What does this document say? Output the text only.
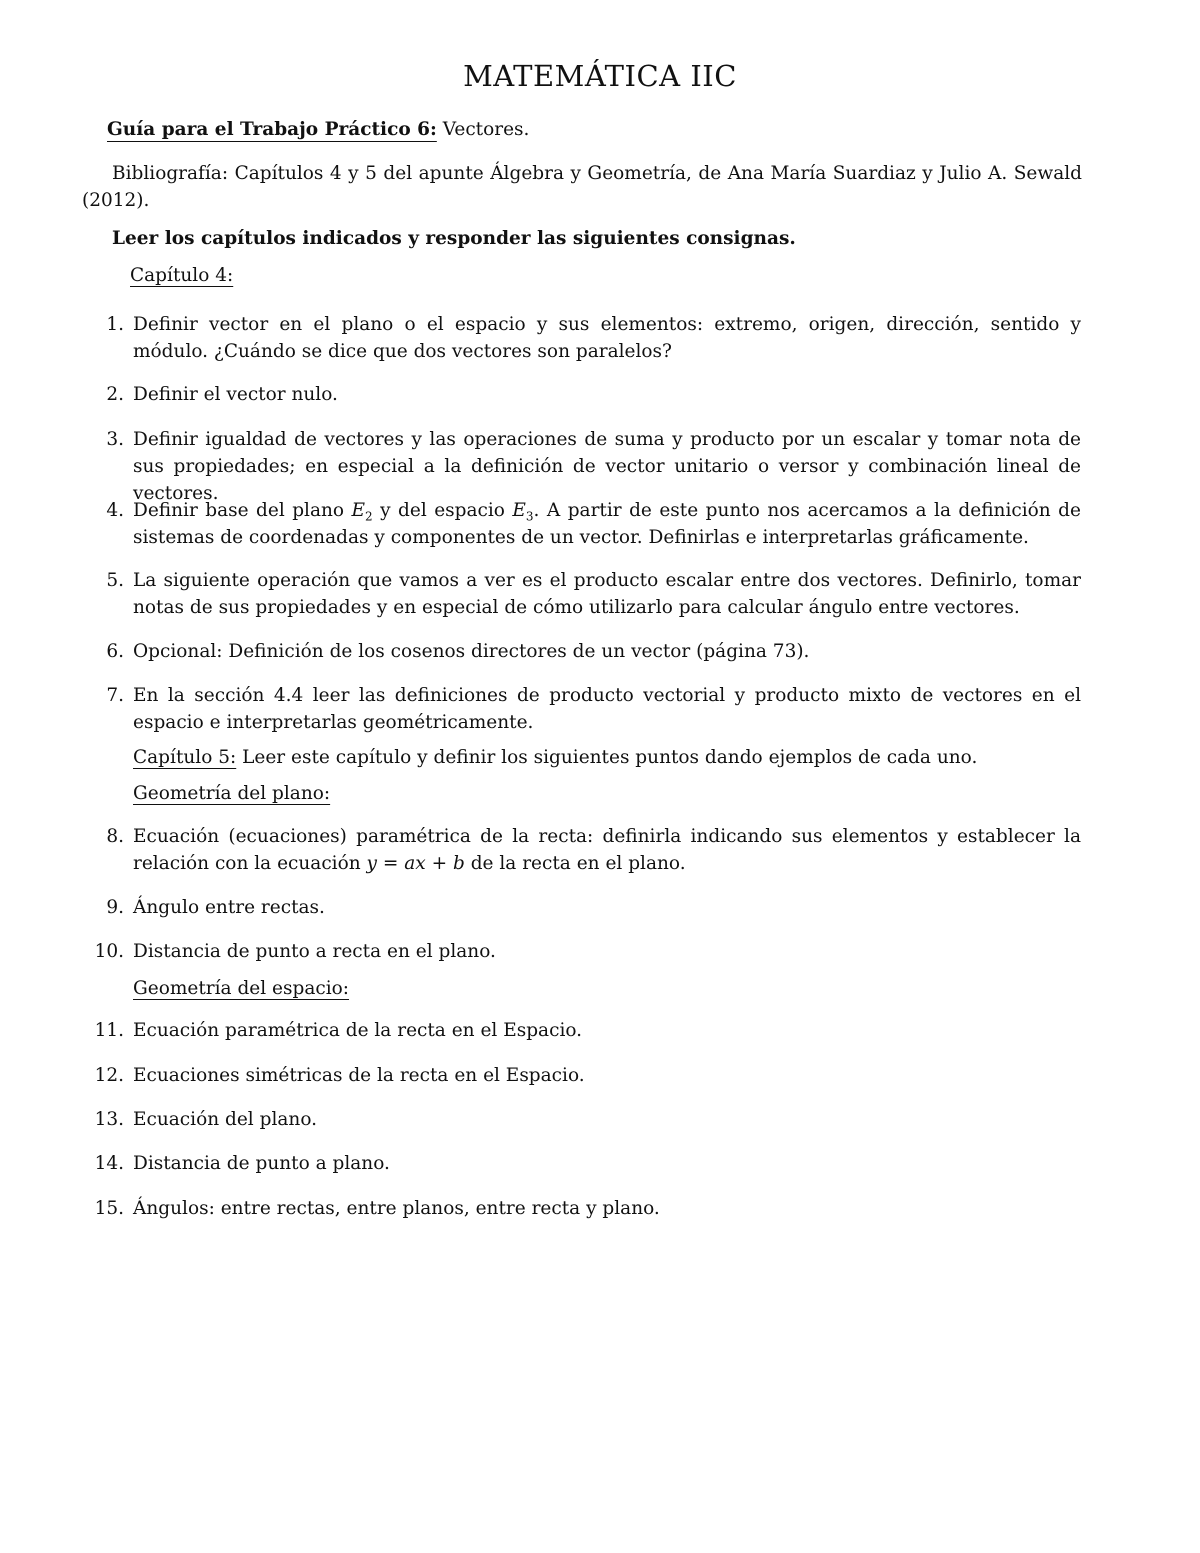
MATEMÁTICA IIC
Guía para el Trabajo Práctico 6: Vectores.
Bibliografía: Capítulos 4 y 5 del apunte Álgebra y Geometría, de Ana María Suardiaz y Julio A. Sewald (2012).
Leer los capítulos indicados y responder las siguientes consignas.
Capítulo 4:
1. Definir vector en el plano o el espacio y sus elementos: extremo, origen, dirección, sentido y módulo. ¿Cuándo se dice que dos vectores son paralelos?
2. Definir el vector nulo.
3. Definir igualdad de vectores y las operaciones de suma y producto por un escalar y tomar nota de sus propiedades; en especial a la definición de vector unitario o versor y combinación lineal de vectores.
4. Definir base del plano $E_2$ y del espacio $E_3$. A partir de este punto nos acercamos a la definición de sistemas de coordenadas y componentes de un vector. Definirlas e interpretarlas gráficamente.
5. La siguiente operación que vamos a ver es el producto escalar entre dos vectores. Definirlo, tomar notas de sus propiedades y en especial de cómo utilizarlo para calcular ángulo entre vectores.
6. Opcional: Definición de los cosenos directores de un vector (página 73).
7. En la sección 4.4 leer las definiciones de producto vectorial y producto mixto de vectores en el espacio e interpretarlas geométricamente.
Capítulo 5: Leer este capítulo y definir los siguientes puntos dando ejemplos de cada uno.
Geometría del plano:
8. Ecuación (ecuaciones) paramétrica de la recta: definirla indicando sus elementos y establecer la relación con la ecuación y = ax + b de la recta en el plano.
9. Ángulo entre rectas.
10. Distancia de punto a recta en el plano.
Geometría del espacio:
11. Ecuación paramétrica de la recta en el Espacio.
12. Ecuaciones simétricas de la recta en el Espacio.
13. Ecuación del plano.
14. Distancia de punto a plano.
15. Ángulos: entre rectas, entre planos, entre recta y plano.
